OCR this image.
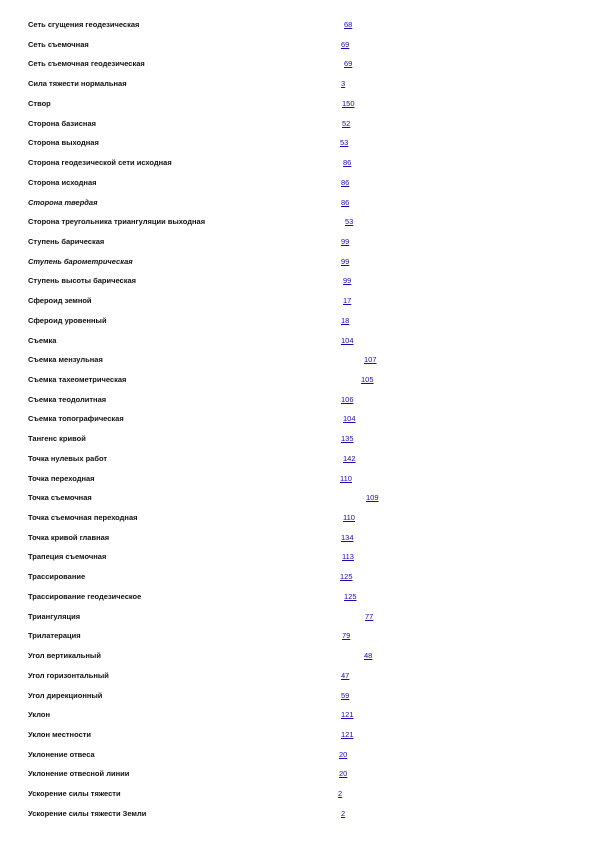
Сеть сгущения геодезическая	68
Сеть съемочная	69
Сеть съемочная геодезическая	69
Сила тяжести нормальная	3
Створ	150
Сторона базисная	52
Сторона выходная	53
Сторона геодезической сети исходная	86
Сторона исходная	86
Сторона твердая	86
Сторона треугольника триангуляции выходная	53
Ступень барическая	99
Ступень барометрическая	99
Ступень высоты барическая	99
Сфероид земной	17
Сфероид уровенный	18
Съемка	104
Съемка мензульная	107
Съемка тахеометрическая	105
Съемка теодолитная	106
Съемка топографическая	104
Тангенс кривой	135
Точка нулевых работ	142
Точка переходная	110
Точка съемочная	109
Точка съемочная переходная	110
Точка кривой главная	134
Трапеция съемочная	113
Трассирование	125
Трассирование геодезическое	125
Триангуляция	77
Трилатерация	79
Угол вертикальный	48
Угол горизонтальный	47
Угол дирекционный	59
Уклон	121
Уклон местности	121
Уклонение отвеса	20
Уклонение отвесной линии	20
Ускорение силы тяжести	2
Ускорение силы тяжести Земли	2
